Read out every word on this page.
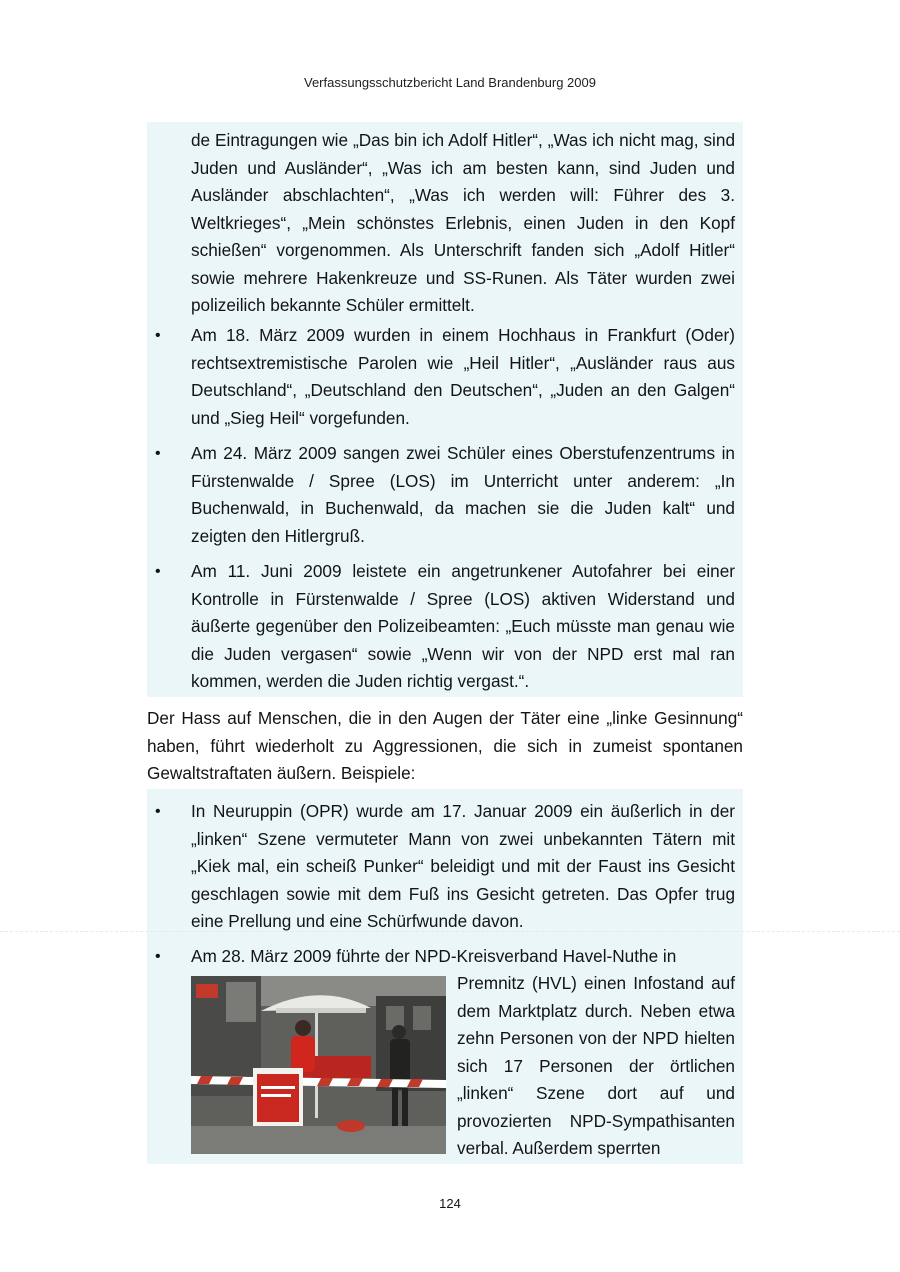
Verfassungsschutzbericht Land Brandenburg 2009

de Eintragungen wie „Das bin ich Adolf Hitler“, „Was ich nicht mag, sind Juden und Ausländer“, „Was ich am besten kann, sind Juden und Ausländer abschlachten“, „Was ich werden will: Führer des 3. Weltkrieges“, „Mein schönstes Erlebnis, einen Juden in den Kopf schießen“ vorgenommen. Als Unterschrift fanden sich „Adolf Hitler“ sowie mehrere Hakenkreuze und SS-Runen. Als Täter wurden zwei polizeilich bekannte Schüler ermittelt.

• Am 18. März 2009 wurden in einem Hochhaus in Frankfurt (Oder) rechtsextremistische Parolen wie „Heil Hitler“, „Ausländer raus aus Deutschland“, „Deutschland den Deutschen“, „Juden an den Galgen“ und „Sieg Heil“ vorgefunden.

• Am 24. März 2009 sangen zwei Schüler eines Oberstufenzentrums in Fürstenwalde / Spree (LOS) im Unterricht unter anderem: „In Buchenwald, in Buchenwald, da machen sie die Juden kalt“ und zeigten den Hitlergruß.

• Am 11. Juni 2009 leistete ein angetrunkener Autofahrer bei einer Kontrolle in Fürstenwalde / Spree (LOS) aktiven Widerstand und äußerte gegenüber den Polizeibeamten: „Euch müsste man genau wie die Juden vergasen“ sowie „Wenn wir von der NPD erst mal ran kommen, werden die Juden richtig vergast.“.

Der Hass auf Menschen, die in den Augen der Täter eine „linke Gesinnung“ haben, führt wiederholt zu Aggressionen, die sich in zumeist spontanen Gewaltstraftaten äußern. Beispiele:

• In Neuruppin (OPR) wurde am 17. Januar 2009 ein äußerlich in der „linken“ Szene vermuteter Mann von zwei unbekannten Tätern mit „Kiek mal, ein scheiß Punker“ beleidigt und mit der Faust ins Gesicht geschlagen sowie mit dem Fuß ins Gesicht getreten. Das Opfer trug eine Prellung und eine Schürfwunde davon.

• Am 28. März 2009 führte der NPD-Kreisverband Havel-Nuthe in

Premnitz (HVL) einen Infostand auf dem Marktplatz durch. Neben etwa zehn Personen von der NPD hielten sich 17 Personen der örtlichen „linken“ Szene dort auf und provozierten NPD-Sympathisanten verbal. Außerdem sperrten

124
